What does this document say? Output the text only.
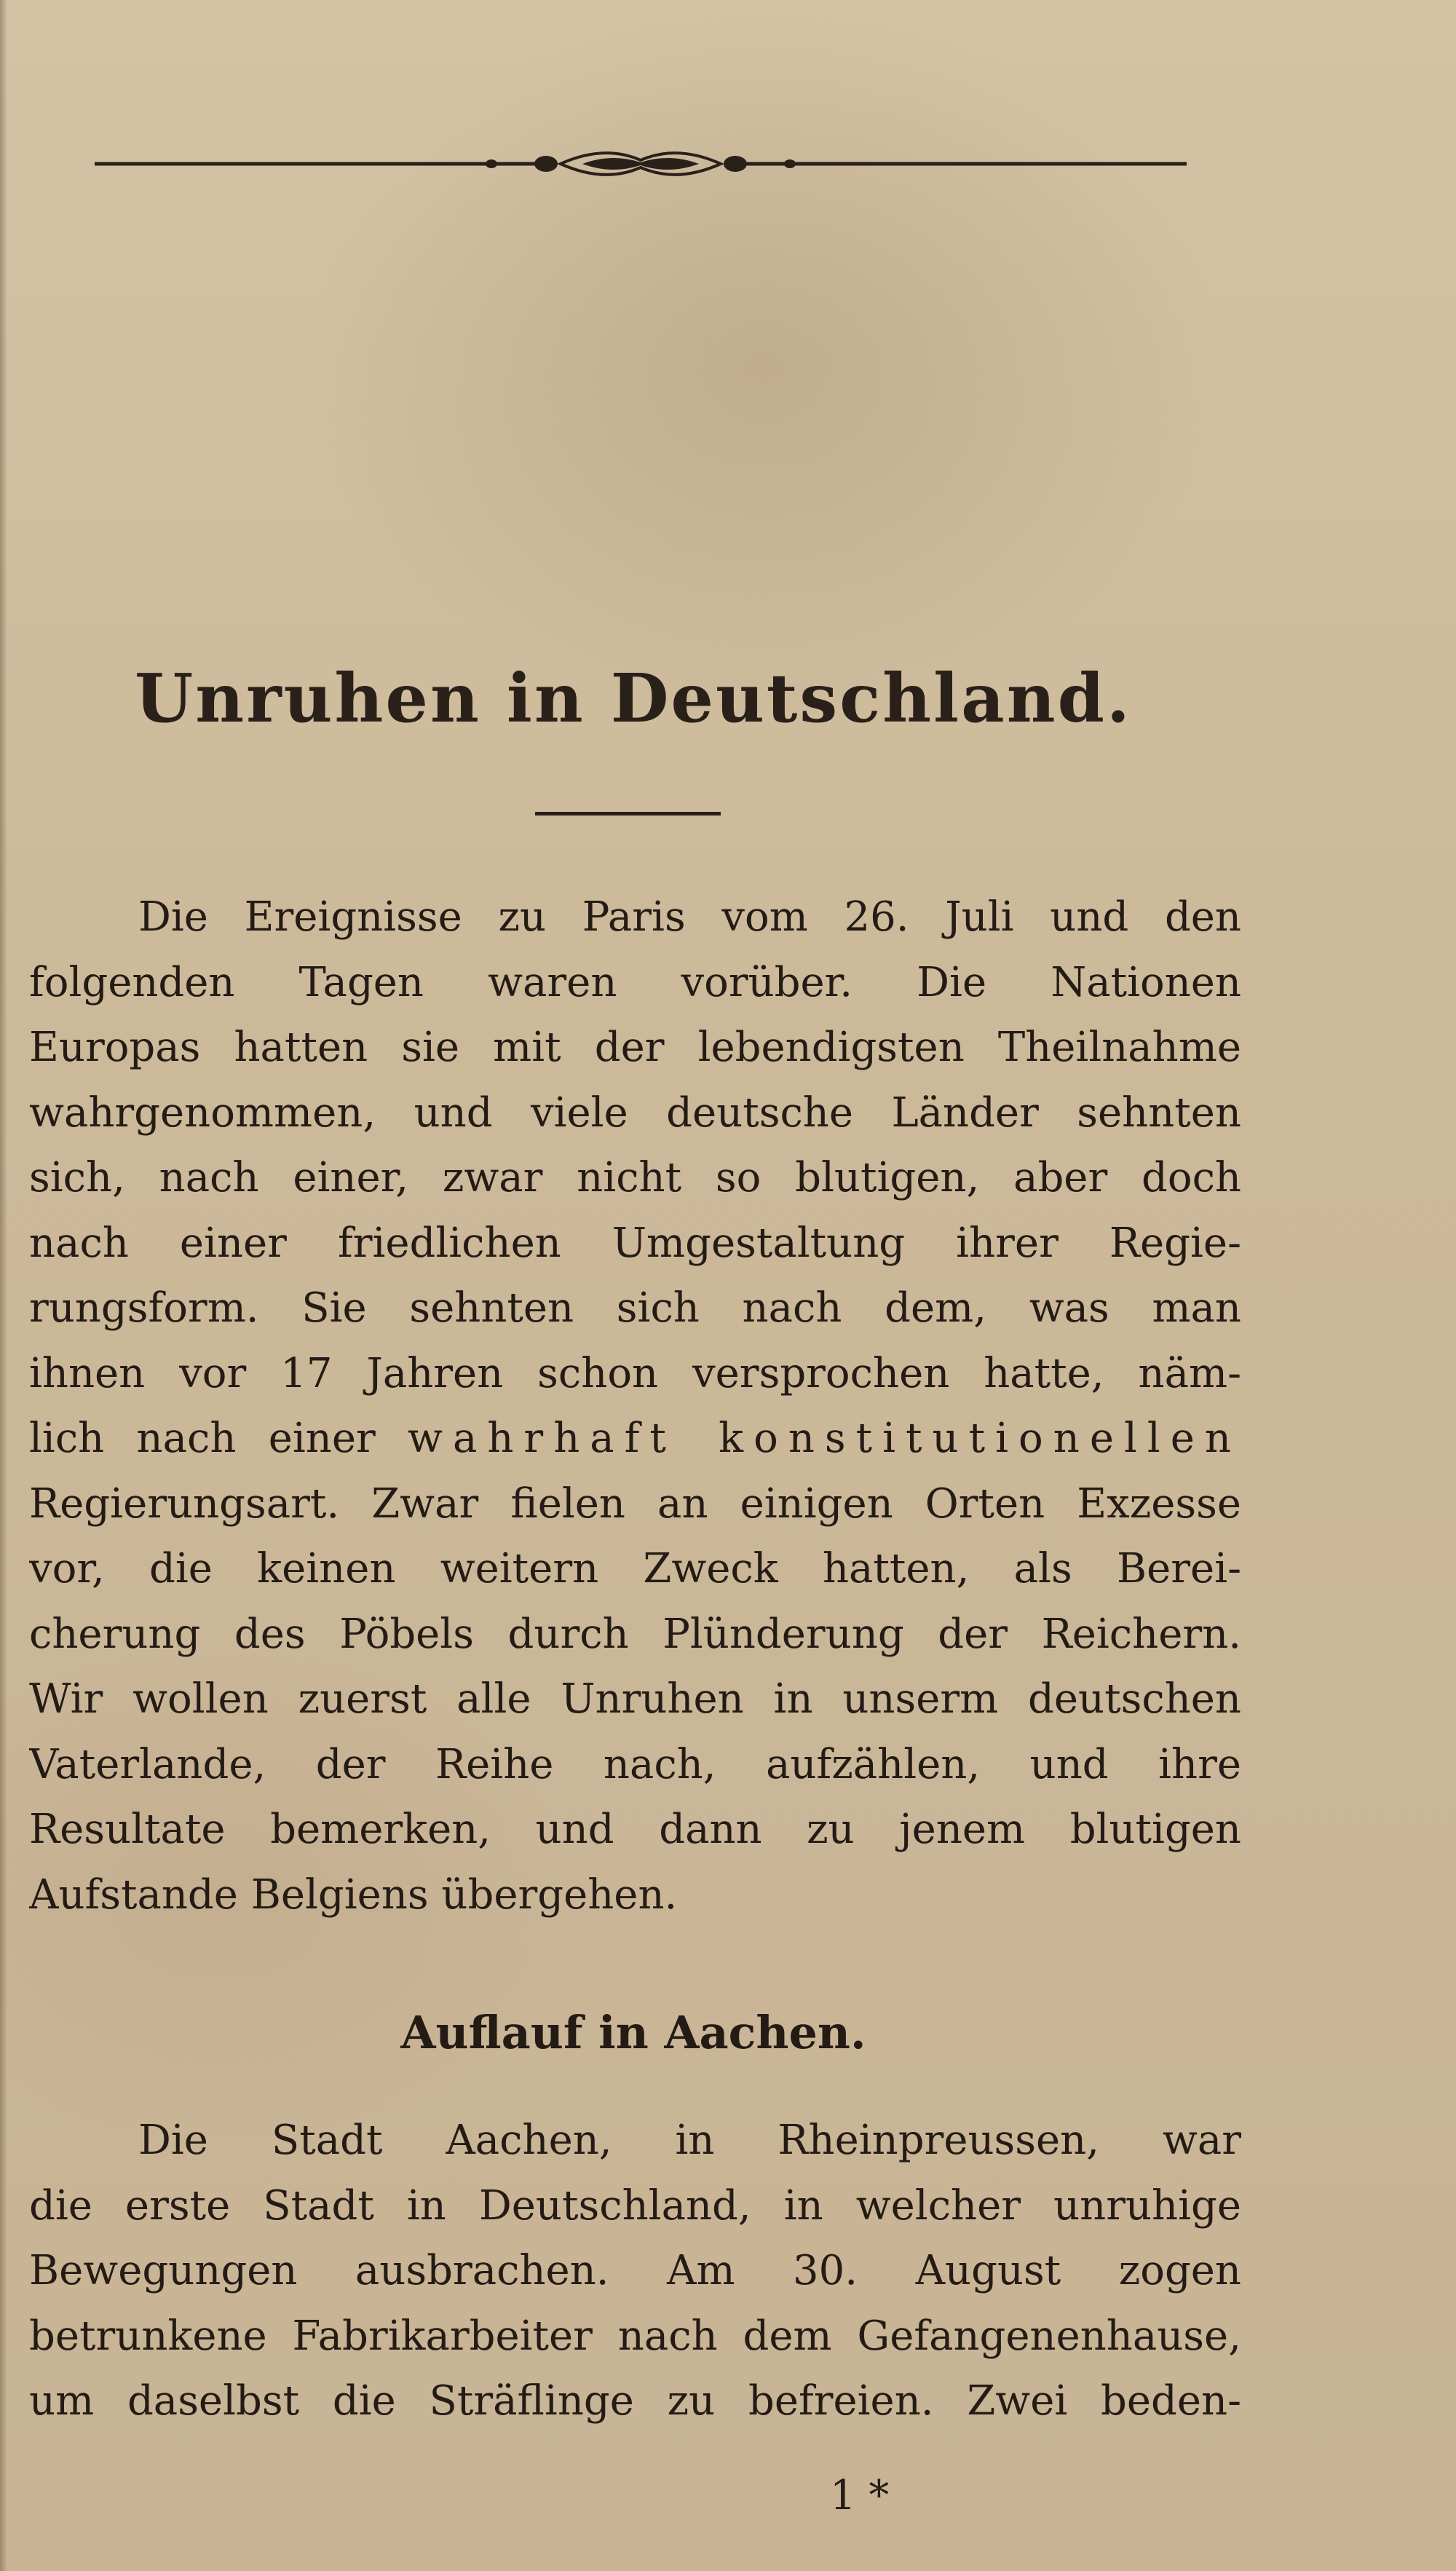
Unruhen in Deutschland.

Die Ereignisse zu Paris vom 26. Juli und den
folgenden Tagen waren vorüber. Die Nationen
Europas hatten sie mit der lebendigsten Theilnahme
wahrgenommen, und viele deutsche Länder sehnten
sich, nach einer, zwar nicht so blutigen, aber doch
nach einer friedlichen Umgestaltung ihrer Regie-
rungsform. Sie sehnten sich nach dem, was man
ihnen vor 17 Jahren schon versprochen hatte, näm-
lich nach einer wahrhaft konstitutionellen
Regierungsart. Zwar fielen an einigen Orten Exzesse
vor, die keinen weitern Zweck hatten, als Berei-
cherung des Pöbels durch Plünderung der Reichern.
Wir wollen zuerst alle Unruhen in unserm deutschen
Vaterlande, der Reihe nach, aufzählen, und ihre
Resultate bemerken, und dann zu jenem blutigen
Aufstande Belgiens übergehen.

Auflauf in Aachen.

Die Stadt Aachen, in Rheinpreussen, war
die erste Stadt in Deutschland, in welcher unruhige
Bewegungen ausbrachen. Am 30. August zogen
betrunkene Fabrikarbeiter nach dem Gefangenenhause,
um daselbst die Sträflinge zu befreien. Zwei beden-

1 *
